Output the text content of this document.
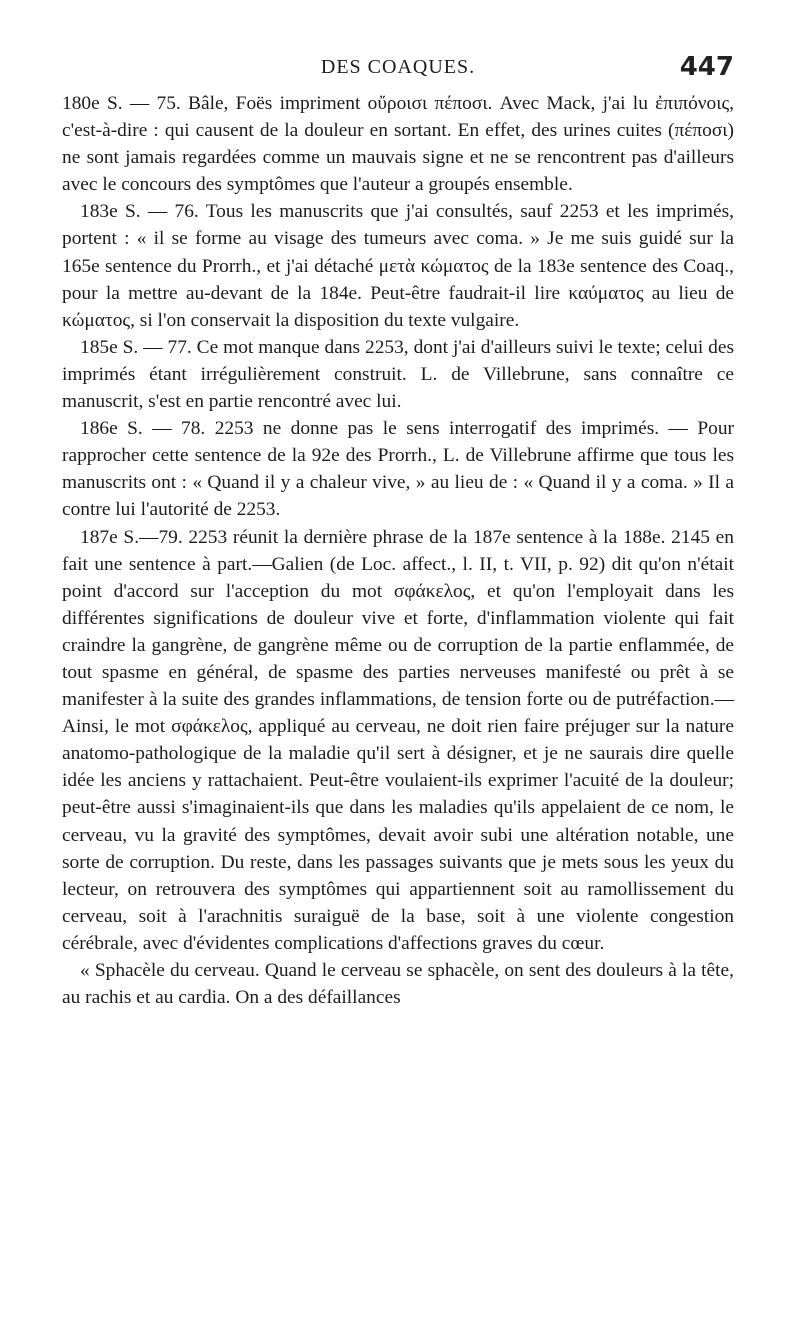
DES COAQUES.	447

180e S. — 75. Bâle, Foës impriment οὔροισι πέποσι. Avec Mack, j'ai lu ἐπιπόνοις, c'est-à-dire : qui causent de la douleur en sortant. En effet, des urines cuites (πέποσι) ne sont jamais regardées comme un mauvais signe et ne se rencontrent pas d'ailleurs avec le concours des symptômes que l'auteur a groupés ensemble.

183e S. — 76. Tous les manuscrits que j'ai consultés, sauf 2253 et les imprimés, portent : « il se forme au visage des tumeurs avec coma. » Je me suis guidé sur la 165e sentence du Prorrh., et j'ai détaché μετὰ κώματος de la 183e sentence des Coaq., pour la mettre au-devant de la 184e. Peut-être faudrait-il lire καύματος au lieu de κώματος, si l'on conservait la disposition du texte vulgaire.

185e S. — 77. Ce mot manque dans 2253, dont j'ai d'ailleurs suivi le texte; celui des imprimés étant irrégulièrement construit. L. de Villebrune, sans connaître ce manuscrit, s'est en partie rencontré avec lui.

186e S. — 78. 2253 ne donne pas le sens interrogatif des imprimés. — Pour rapprocher cette sentence de la 92e des Prorrh., L. de Villebrune affirme que tous les manuscrits ont : « Quand il y a chaleur vive, » au lieu de : « Quand il y a coma. » Il a contre lui l'autorité de 2253.

187e S.—79. 2253 réunit la dernière phrase de la 187e sentence à la 188e. 2145 en fait une sentence à part.—Galien (de Loc. affect., l. II, t. VII, p. 92) dit qu'on n'était point d'accord sur l'acception du mot σφάκελος, et qu'on l'employait dans les différentes significations de douleur vive et forte, d'inflammation violente qui fait craindre la gangrène, de gangrène même ou de corruption de la partie enflammée, de tout spasme en général, de spasme des parties nerveuses manifesté ou prêt à se manifester à la suite des grandes inflammations, de tension forte ou de putréfaction.—Ainsi, le mot σφάκελος, appliqué au cerveau, ne doit rien faire préjuger sur la nature anatomo-pathologique de la maladie qu'il sert à désigner, et je ne saurais dire quelle idée les anciens y rattachaient. Peut-être voulaient-ils exprimer l'acuité de la douleur; peut-être aussi s'imaginaient-ils que dans les maladies qu'ils appelaient de ce nom, le cerveau, vu la gravité des symptômes, devait avoir subi une altération notable, une sorte de corruption. Du reste, dans les passages suivants que je mets sous les yeux du lecteur, on retrouvera des symptômes qui appartiennent soit au ramollissement du cerveau, soit à l'arachnitis suraiguë de la base, soit à une violente congestion cérébrale, avec d'évidentes complications d'affections graves du cœur.

« Sphacèle du cerveau. Quand le cerveau se sphacèle, on sent des douleurs à la tête, au rachis et au cardia. On a des défaillances
